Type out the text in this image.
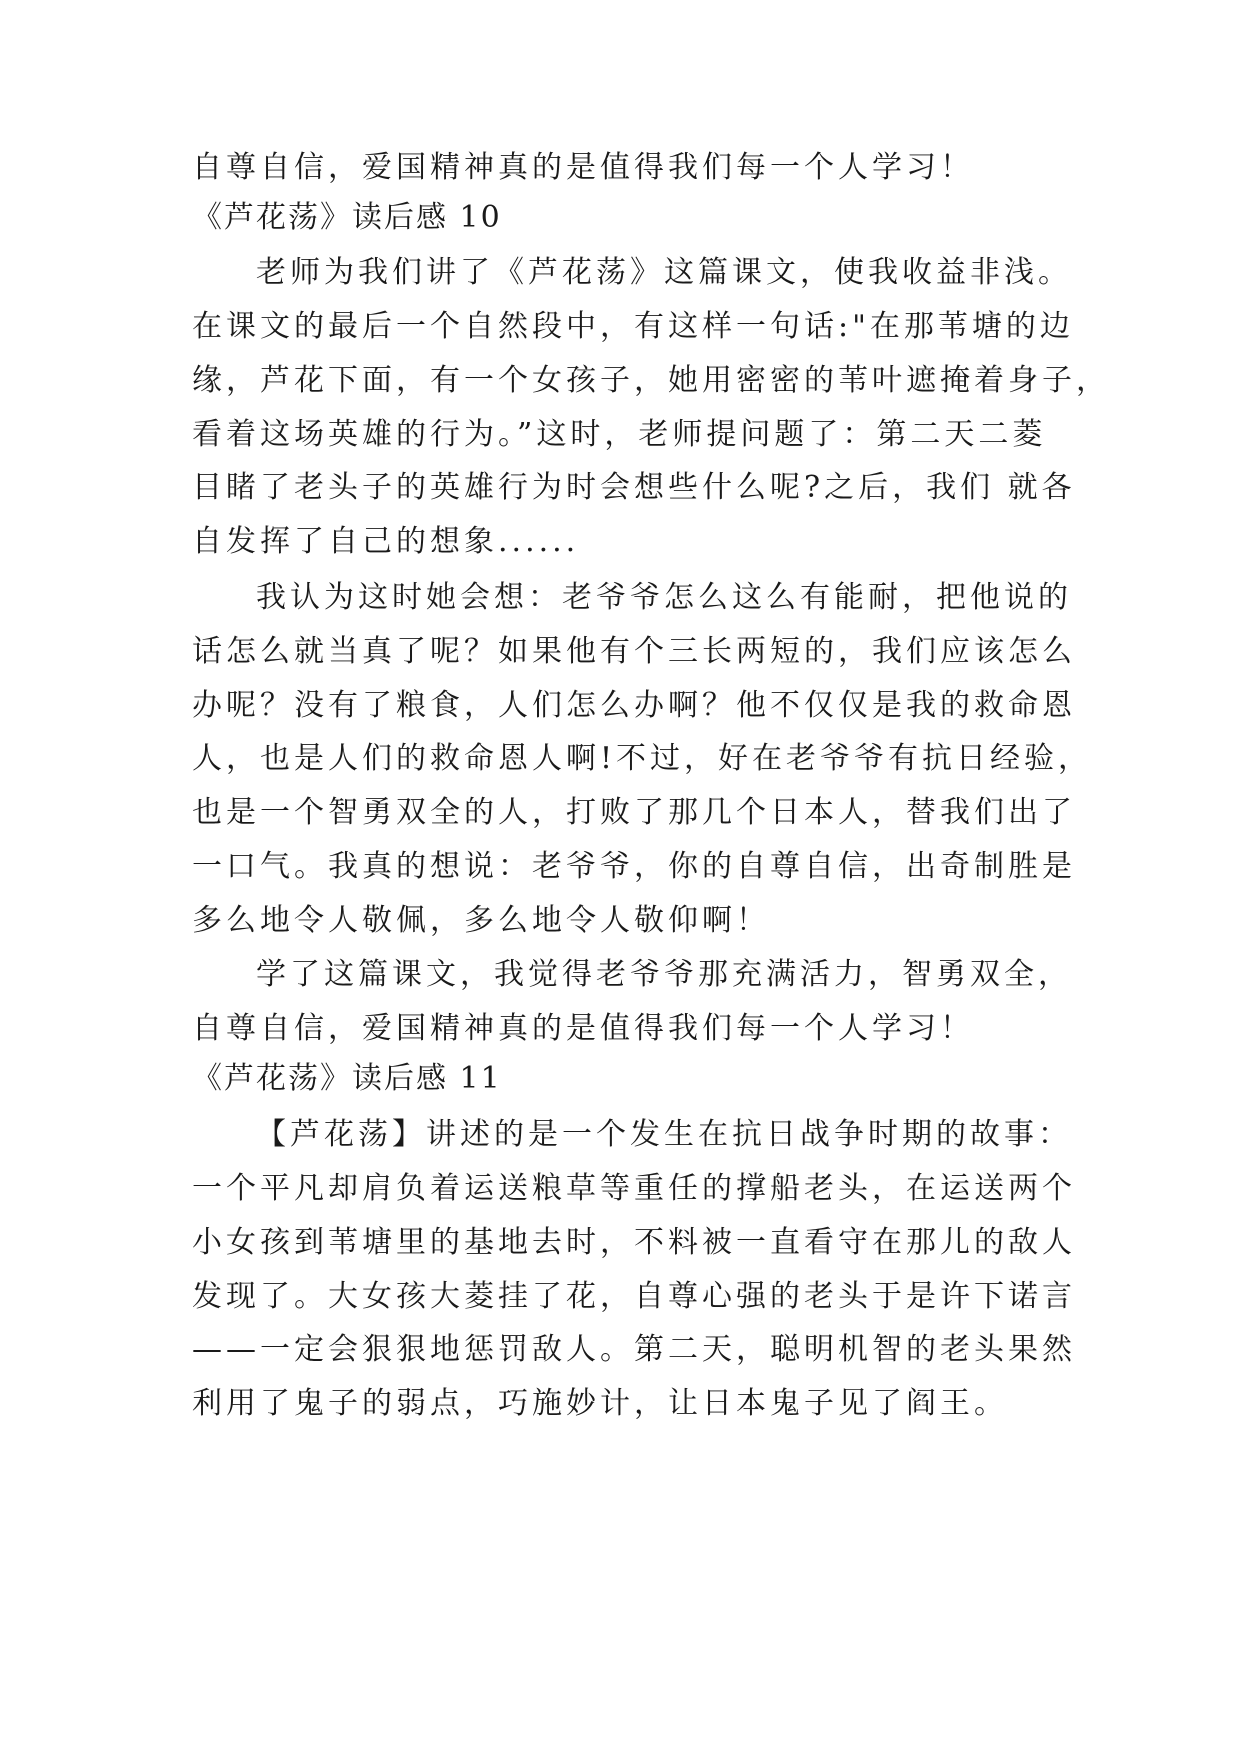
自尊自信，爱国精神真的是值得我们每一个人学习！
《芦花荡》读后感 10
老师为我们讲了《芦花荡》这篇课文，使我收益非浅。
在课文的最后一个自然段中，有这样一句话:"在那苇塘的边
缘，芦花下面，有一个女孩子，她用密密的苇叶遮掩着身子，
看着这场英雄的行为。”这时，老师提问题了：第二天二菱
目睹了老头子的英雄行为时会想些什么呢?之后，我们 就各
自发挥了自己的想象......
我认为这时她会想：老爷爷怎么这么有能耐，把他说的
话怎么就当真了呢？如果他有个三长两短的，我们应该怎么
办呢？没有了粮食，人们怎么办啊？他不仅仅是我的救命恩
人，也是人们的救命恩人啊!不过，好在老爷爷有抗日经验，
也是一个智勇双全的人，打败了那几个日本人，替我们出了
一口气。我真的想说：老爷爷，你的自尊自信，出奇制胜是
多么地令人敬佩，多么地令人敬仰啊！
学了这篇课文，我觉得老爷爷那充满活力，智勇双全，
自尊自信，爱国精神真的是值得我们每一个人学习！
《芦花荡》读后感 11
【芦花荡】讲述的是一个发生在抗日战争时期的故事：
一个平凡却肩负着运送粮草等重任的撑船老头，在运送两个
小女孩到苇塘里的基地去时，不料被一直看守在那儿的敌人
发现了。大女孩大菱挂了花，自尊心强的老头于是许下诺言
——一定会狠狠地惩罚敌人。第二天，聪明机智的老头果然
利用了鬼子的弱点，巧施妙计，让日本鬼子见了阎王。
